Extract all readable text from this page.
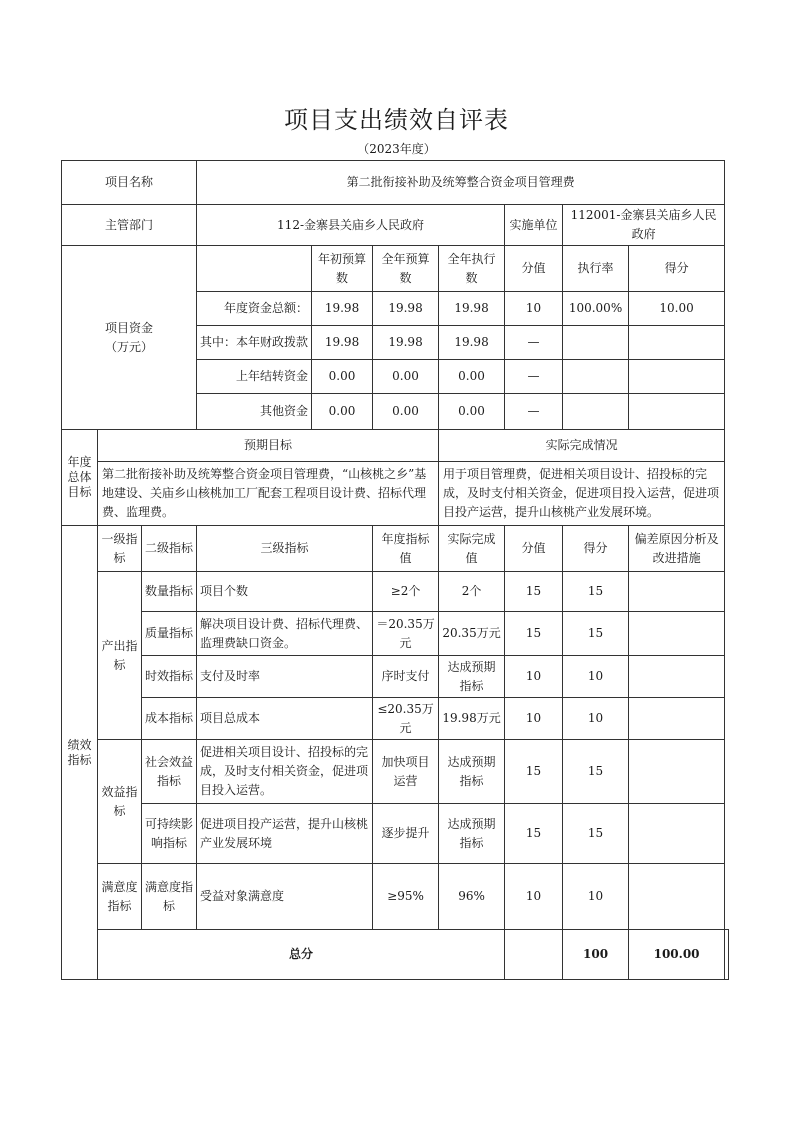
项目支出绩效自评表
（2023年度）
项目名称			第二批衔接补助及统筹整合资金项目管理费							
主管部门			112-金寨县关庙乡人民政府				实施单位	112001-金寨县关庙乡人民政府		
项目资金
（万元）				年初预算数	全年预算数	全年执行数	分值	执行率	得分	
			年度资金总额：	19.98	19.98	19.98	10	100.00%	10.00	
			其中：本年财政拨款	19.98	19.98	19.98	—			
			上年结转资金	0.00	0.00	0.00	—			
			其他资金	0.00	0.00	0.00	—			
年度总体目标	预期目标					实际完成情况				
	第二批衔接补助及统筹整合资金项目管理费，“山核桃之乡”基地建设、关庙乡山核桃加工厂配套工程项目设计费、招标代理费、监理费。					用于项目管理费，促进相关项目设计、招投标的完成，及时支付相关资金，促进项目投入运营，促进项目投产运营，提升山核桃产业发展环境。				
绩效指标	一级指标	二级指标	三级指标		年度指标值	实际完成值	分值	得分	偏差原因分析及改进措施	
	产出指标	数量指标	项目个数		≥2个	2个	15	15		
		质量指标	解决项目设计费、招标代理费、监理费缺口资金。		＝20.35万元	20.35万元	15	15		
		时效指标	支付及时率		序时支付	达成预期指标	10	10		
		成本指标	项目总成本		≤20.35万元	19.98万元	10	10		
	效益指标	社会效益指标	促进相关项目设计、招投标的完成，及时支付相关资金，促进项目投入运营。		加快项目运营	达成预期指标	15	15		
		可持续影响指标	促进项目投产运营，提升山核桃产业发展环境		逐步提升	达成预期指标	15	15		
	满意度指标	满意度指标	受益对象满意度		≥95%	96%	10	10		
	总分							100	100.00	
